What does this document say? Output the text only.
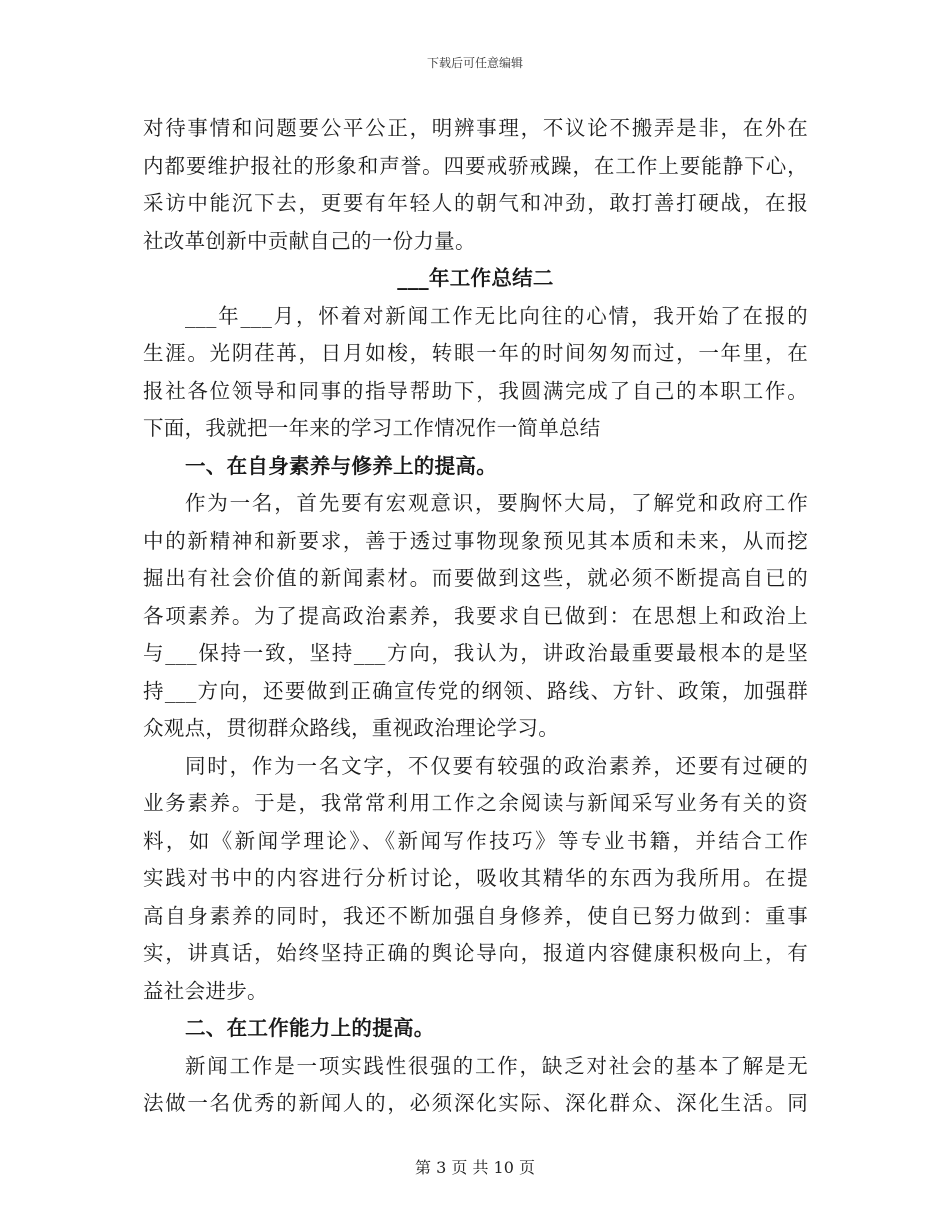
下载后可任意编辑
对待事情和问题要公平公正，明辨事理，不议论不搬弄是非，在外在
内都要维护报社的形象和声誉。四要戒骄戒躁，在工作上要能静下心，
采访中能沉下去，更要有年轻人的朝气和冲劲，敢打善打硬战，在报
社改革创新中贡献自己的一份力量。
___年工作总结二
___年___月，怀着对新闻工作无比向往的心情，我开始了在报的
生涯。光阴荏苒，日月如梭，转眼一年的时间匆匆而过，一年里，在
报社各位领导和同事的指导帮助下，我圆满完成了自己的本职工作。
下面，我就把一年来的学习工作情况作一简单总结
一、在自身素养与修养上的提高。
作为一名，首先要有宏观意识，要胸怀大局，了解党和政府工作
中的新精神和新要求，善于透过事物现象预见其本质和未来，从而挖
掘出有社会价值的新闻素材。而要做到这些，就必须不断提高自已的
各项素养。为了提高政治素养，我要求自已做到：在思想上和政治上
与___保持一致，坚持___方向，我认为，讲政治最重要最根本的是坚
持___方向，还要做到正确宣传党的纲领、路线、方针、政策，加强群
众观点，贯彻群众路线，重视政治理论学习。
同时，作为一名文字，不仅要有较强的政治素养，还要有过硬的
业务素养。于是，我常常利用工作之余阅读与新闻采写业务有关的资
料，如《新闻学理论》、《新闻写作技巧》等专业书籍，并结合工作
实践对书中的内容进行分析讨论，吸收其精华的东西为我所用。在提
高自身素养的同时，我还不断加强自身修养，使自已努力做到：重事
实，讲真话，始终坚持正确的舆论导向，报道内容健康积极向上，有
益社会进步。
二、在工作能力上的提高。
新闻工作是一项实践性很强的工作，缺乏对社会的基本了解是无
法做一名优秀的新闻人的，必须深化实际、深化群众、深化生活。同
第 3 页 共 10 页
